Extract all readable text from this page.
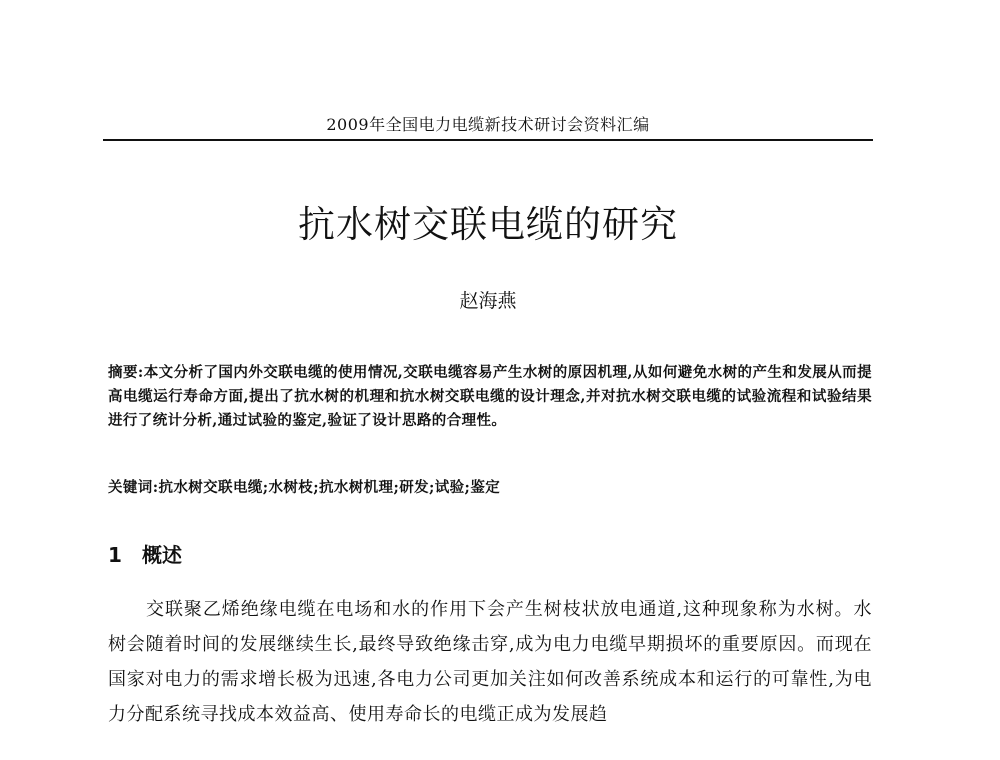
2009年全国电力电缆新技术研讨会资料汇编
抗水树交联电缆的研究
赵海燕
摘要:本文分析了国内外交联电缆的使用情况,交联电缆容易产生水树的原因机理,从如何避免水树的产生和发展从而提高电缆运行寿命方面,提出了抗水树的机理和抗水树交联电缆的设计理念,并对抗水树交联电缆的试验流程和试验结果进行了统计分析,通过试验的鉴定,验证了设计思路的合理性。
关键词:抗水树交联电缆;水树枝;抗水树机理;研发;试验;鉴定
1 概述

交联聚乙烯绝缘电缆在电场和水的作用下会产生树枝状放电通道,这种现象称为水树。水树会随着时间的发展继续生长,最终导致绝缘击穿,成为电力电缆早期损坏的重要原因。而现在国家对电力的需求增长极为迅速,各电力公司更加关注如何改善系统成本和运行的可靠性,为电力分配系统寻找成本效益高、使用寿命长的电缆正成为发展趋
